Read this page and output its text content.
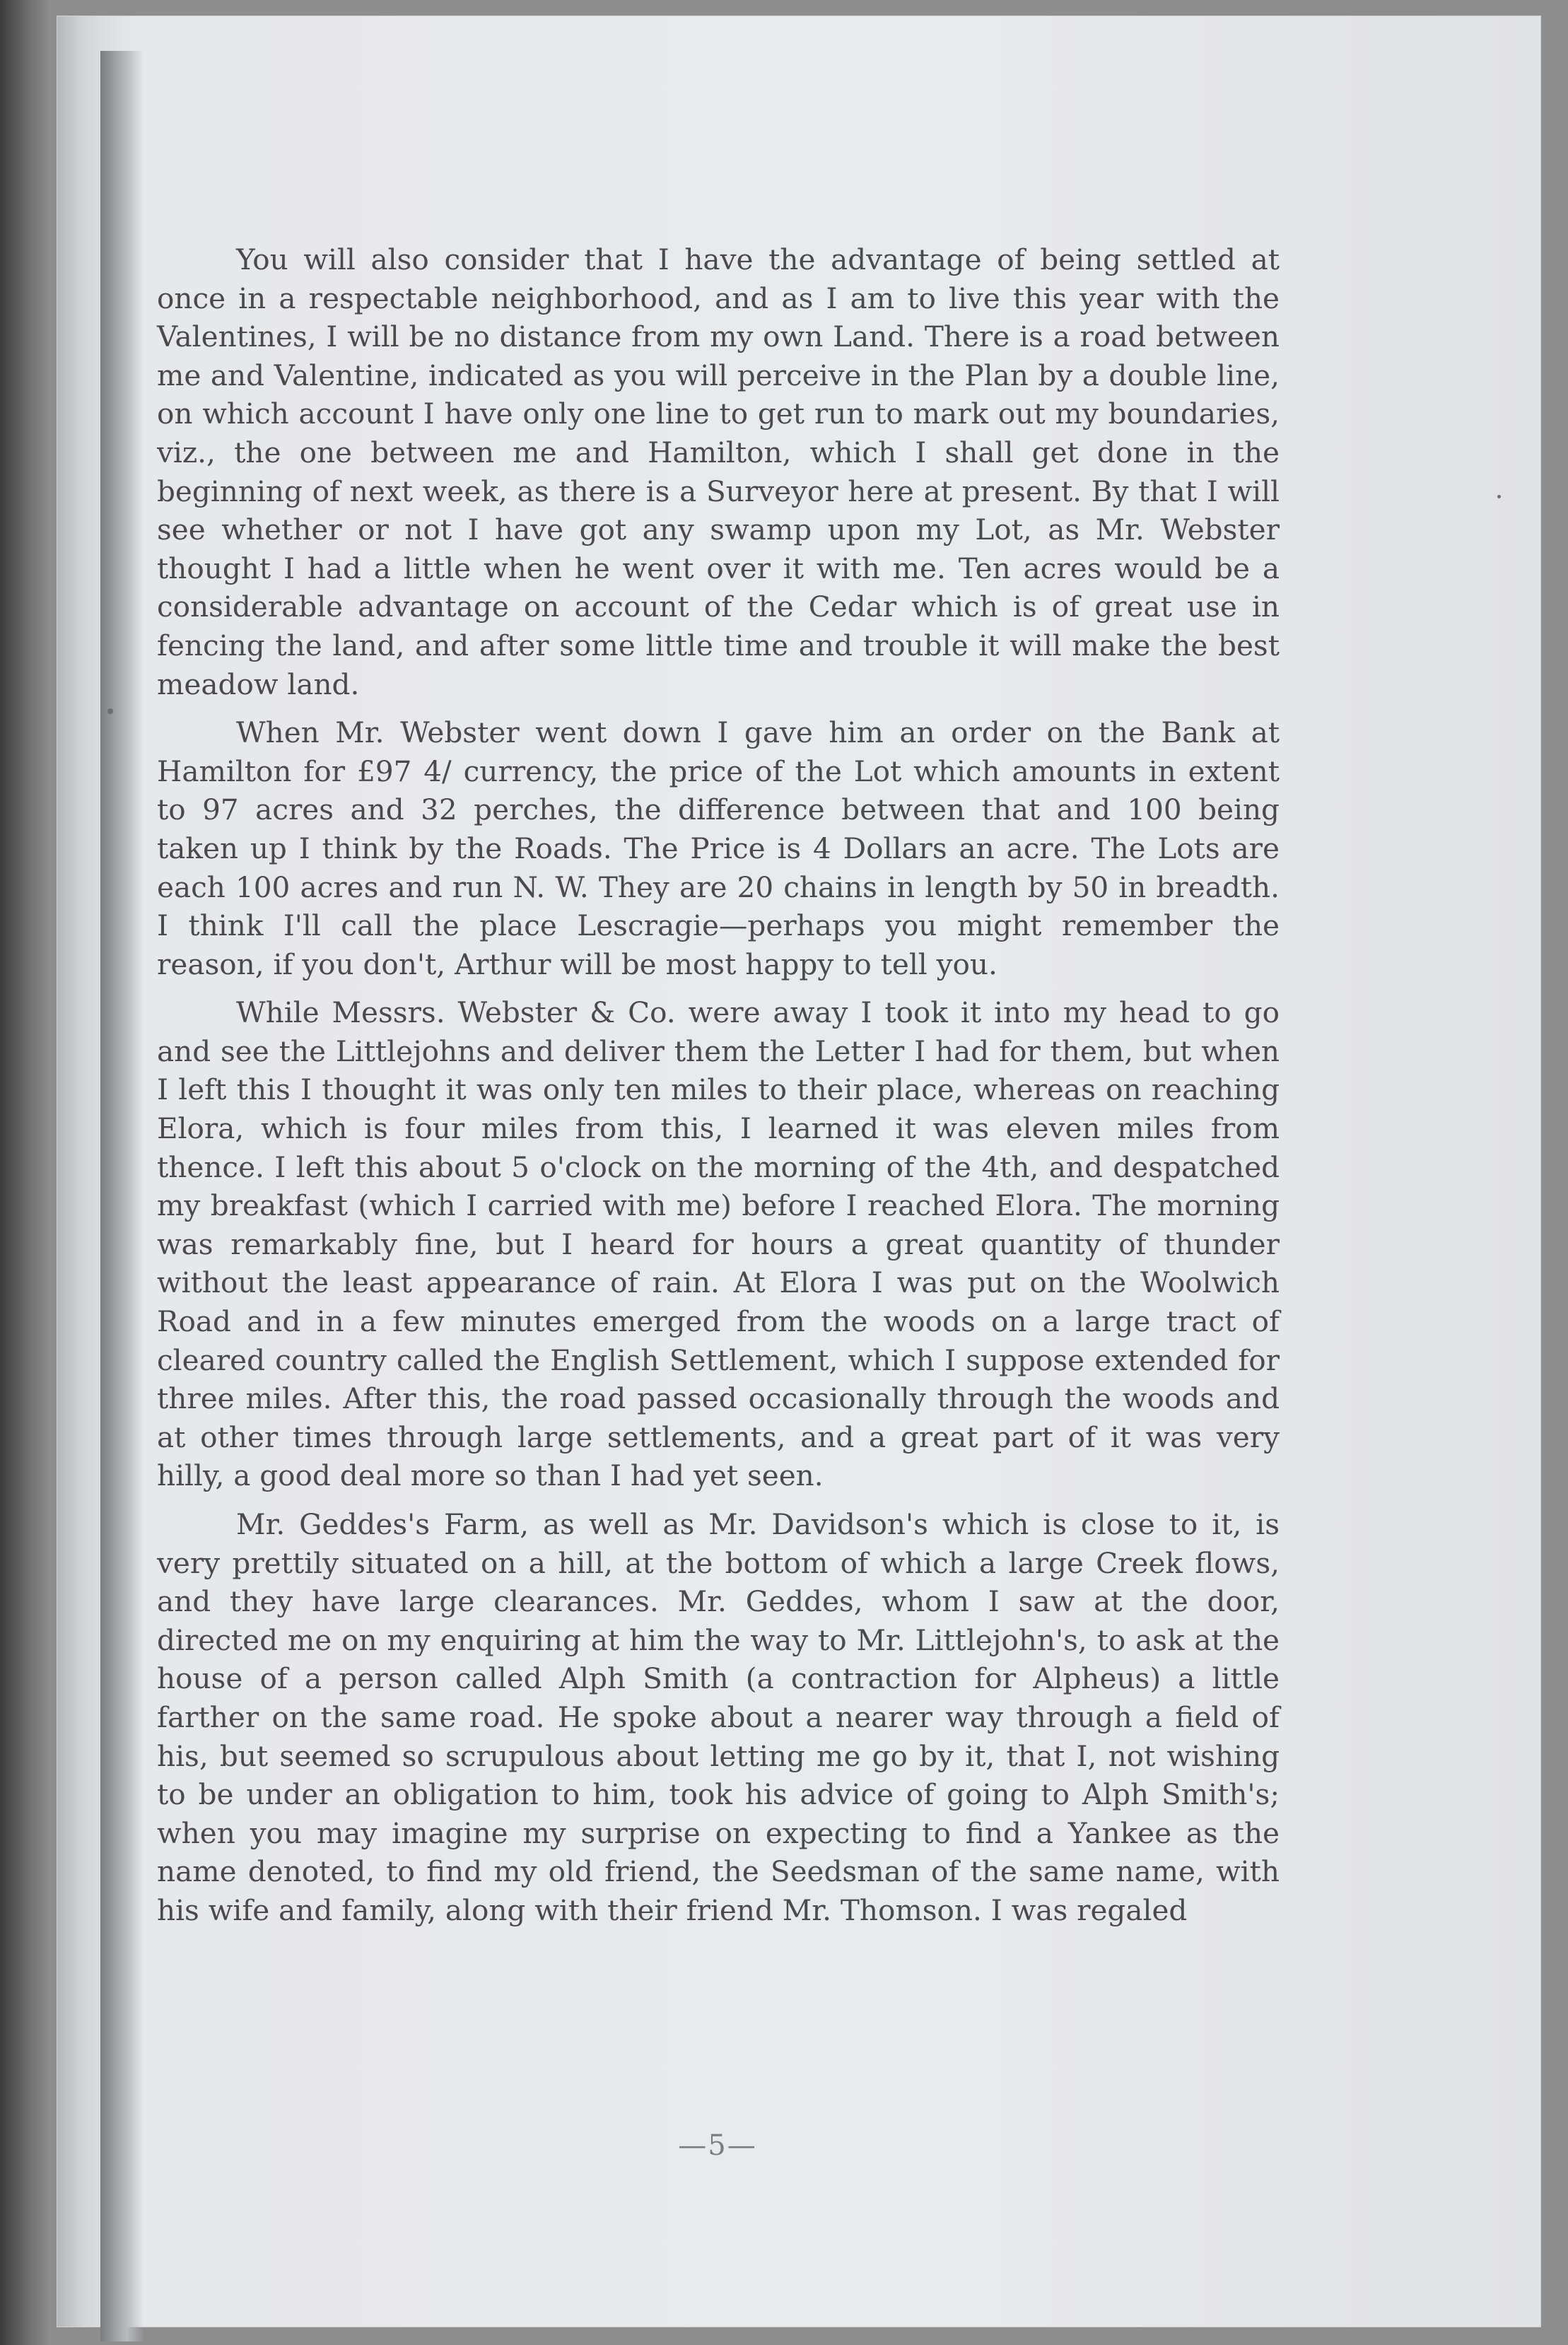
You will also consider that I have the advantage of being settled at once in a respectable neighborhood, and as I am to live this year with the Valentines, I will be no distance from my own Land. There is a road between me and Valentine, indicated as you will perceive in the Plan by a double line, on which account I have only one line to get run to mark out my boundaries, viz., the one between me and Hamilton, which I shall get done in the beginning of next week, as there is a Surveyor here at present. By that I will see whether or not I have got any swamp upon my Lot, as Mr. Webster thought I had a little when he went over it with me. Ten acres would be a considerable advantage on account of the Cedar which is of great use in fencing the land, and after some little time and trouble it will make the best meadow land.

When Mr. Webster went down I gave him an order on the Bank at Hamilton for £97 4/ currency, the price of the Lot which amounts in extent to 97 acres and 32 perches, the difference between that and 100 being taken up I think by the Roads. The Price is 4 Dollars an acre. The Lots are each 100 acres and run N. W. They are 20 chains in length by 50 in breadth. I think I'll call the place Lescragie—perhaps you might remember the reason, if you don't, Arthur will be most happy to tell you.

While Messrs. Webster & Co. were away I took it into my head to go and see the Littlejohns and deliver them the Letter I had for them, but when I left this I thought it was only ten miles to their place, whereas on reaching Elora, which is four miles from this, I learned it was eleven miles from thence. I left this about 5 o'clock on the morning of the 4th, and despatched my breakfast (which I carried with me) before I reached Elora. The morning was remarkably fine, but I heard for hours a great quantity of thunder without the least appearance of rain. At Elora I was put on the Woolwich Road and in a few minutes emerged from the woods on a large tract of cleared country called the English Settlement, which I suppose extended for three miles. After this, the road passed occasionally through the woods and at other times through large settlements, and a great part of it was very hilly, a good deal more so than I had yet seen.

Mr. Geddes's Farm, as well as Mr. Davidson's which is close to it, is very prettily situated on a hill, at the bottom of which a large Creek flows, and they have large clearances. Mr. Geddes, whom I saw at the door, directed me on my enquiring at him the way to Mr. Littlejohn's, to ask at the house of a person called Alph Smith (a contraction for Alpheus) a little farther on the same road. He spoke about a nearer way through a field of his, but seemed so scrupulous about letting me go by it, that I, not wishing to be under an obligation to him, took his advice of going to Alph Smith's; when you may imagine my surprise on expecting to find a Yankee as the name denoted, to find my old friend, the Seedsman of the same name, with his wife and family, along with their friend Mr. Thomson. I was regaled

—5—
